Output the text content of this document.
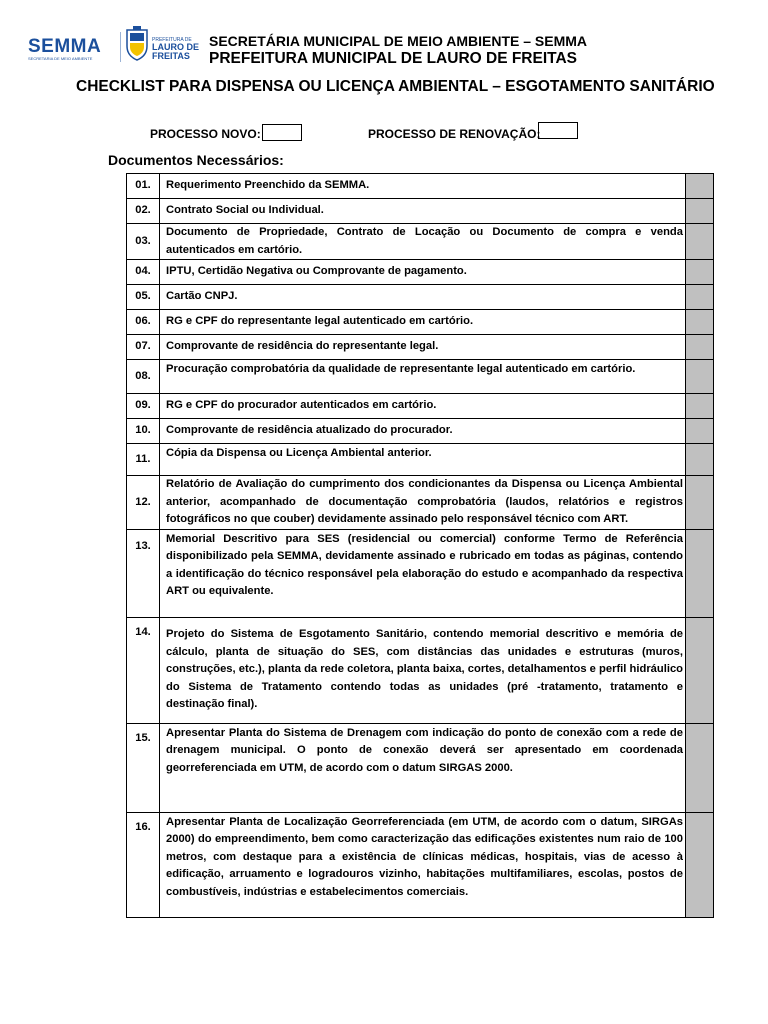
SEMMA
SECRETARIA DE MEIO AMBIENTE
PREFEITURA DE
LAURO DE
FREITAS
SECRETÁRIA MUNICIPAL DE MEIO AMBIENTE – SEMMA
PREFEITURA MUNICIPAL DE LAURO DE FREITAS
CHECKLIST PARA DISPENSA OU LICENÇA AMBIENTAL – ESGOTAMENTO SANITÁRIO
PROCESSO NOVO:	PROCESSO DE RENOVAÇÃO:
Documentos Necessários:
01.	Requerimento Preenchido da SEMMA.	
02.	Contrato Social ou Individual.	
03.	Documento de Propriedade, Contrato de Locação ou Documento de compra e venda autenticados em cartório.	
04.	IPTU, Certidão Negativa ou Comprovante de pagamento.	
05.	Cartão CNPJ.	
06.	RG e CPF do representante legal autenticado em cartório.	
07.	Comprovante de residência do representante legal.	
08.	Procuração comprobatória da qualidade de representante legal autenticado em cartório.	
09.	RG e CPF do procurador autenticados em cartório.	
10.	Comprovante de residência atualizado do procurador.	
11.	Cópia da Dispensa ou Licença Ambiental anterior.	
12.	Relatório de Avaliação do cumprimento dos condicionantes da Dispensa ou Licença Ambiental anterior, acompanhado de documentação comprobatória (laudos, relatórios e registros fotográficos no que couber) devidamente assinado pelo responsável técnico com ART.	
13.	Memorial Descritivo para SES (residencial ou comercial) conforme Termo de Referência disponibilizado pela SEMMA, devidamente assinado e rubricado em todas as páginas, contendo a identificação do técnico responsável pela elaboração do estudo e acompanhado da respectiva ART ou equivalente.	
14.	Projeto do Sistema de Esgotamento Sanitário, contendo memorial descritivo e memória de cálculo, planta de situação do SES, com distâncias das unidades e estruturas (muros, construções, etc.), planta da rede coletora, planta baixa, cortes, detalhamentos e perfil hidráulico do Sistema de Tratamento contendo todas as unidades (pré -tratamento, tratamento e destinação final).	
15.	Apresentar Planta do Sistema de Drenagem com indicação do ponto de conexão com a rede de drenagem municipal. O ponto de conexão deverá ser apresentado em coordenada georreferenciada em UTM, de acordo com o datum SIRGAS 2000.	
16.	Apresentar Planta de Localização Georreferenciada (em UTM, de acordo com o datum, SIRGAs 2000) do empreendimento, bem como caracterização das edificações existentes num raio de 100 metros, com destaque para a existência de clínicas médicas, hospitais, vias de acesso à edificação, arruamento e logradouros vizinho, habitações multifamiliares, escolas, postos de combustíveis, indústrias e estabelecimentos comerciais.	
